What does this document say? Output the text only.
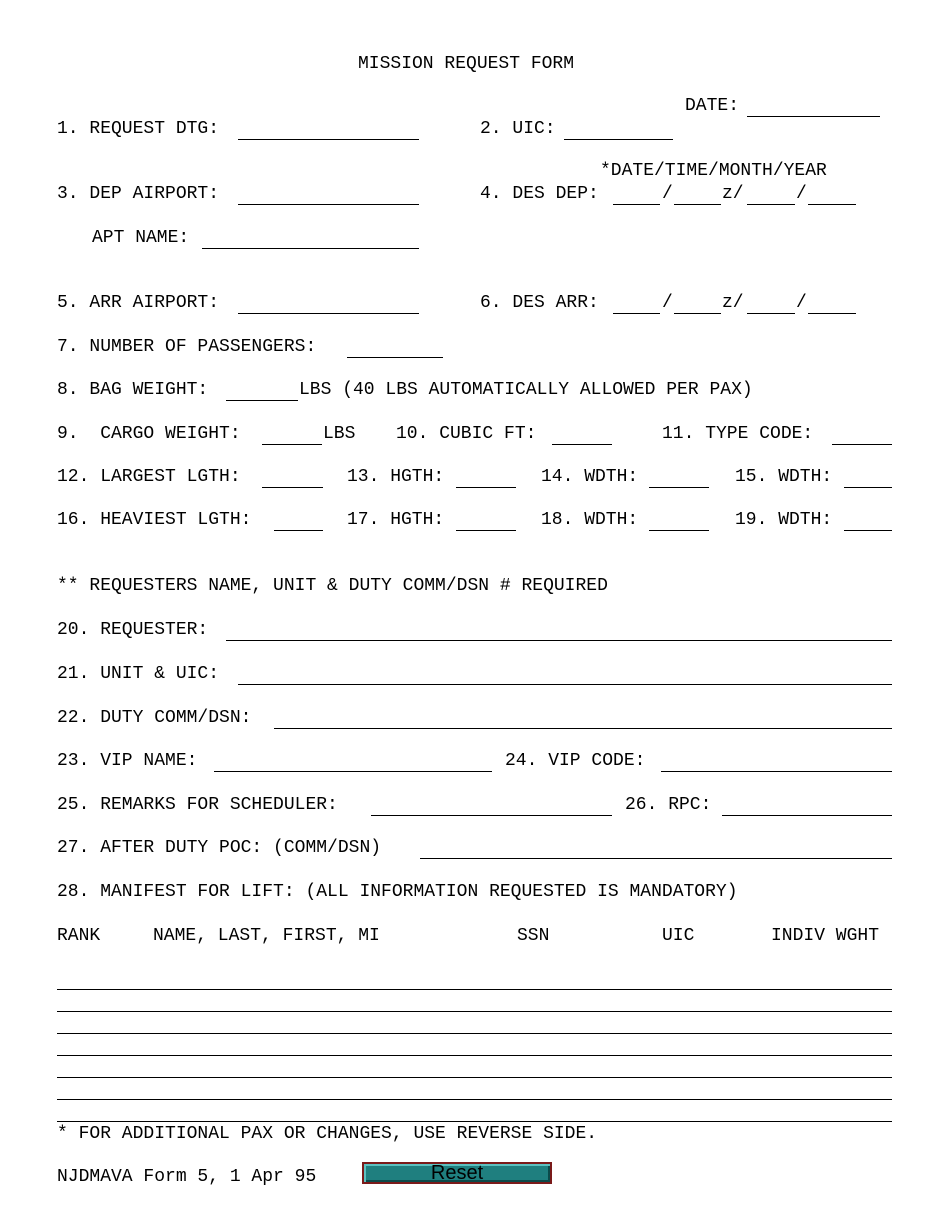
MISSION REQUEST FORM
DATE:
1. REQUEST DTG:	2. UIC:
*DATE/TIME/MONTH/YEAR
3. DEP AIRPORT:	4. DES DEP:	/	z/	/
APT NAME:
5. ARR AIRPORT:	6. DES ARR:	/	z/	/
7. NUMBER OF PASSENGERS:
8. BAG WEIGHT:	LBS (40 LBS AUTOMATICALLY ALLOWED PER PAX)
9.  CARGO WEIGHT:	LBS 10. CUBIC FT:	11. TYPE CODE:
12. LARGEST LGTH:	13. HGTH:	14. WDTH:	15. WDTH:
16. HEAVIEST LGTH:	17. HGTH:	18. WDTH:	19. WDTH:
** REQUESTERS NAME, UNIT & DUTY COMM/DSN # REQUIRED
20. REQUESTER:
21. UNIT & UIC:
22. DUTY COMM/DSN:
23. VIP NAME:	24. VIP CODE:
25. REMARKS FOR SCHEDULER:	26. RPC:
27. AFTER DUTY POC: (COMM/DSN)
28. MANIFEST FOR LIFT: (ALL INFORMATION REQUESTED IS MANDATORY)
RANK	NAME, LAST, FIRST, MI	SSN	UIC	INDIV WGHT
* FOR ADDITIONAL PAX OR CHANGES, USE REVERSE SIDE.
NJDMAVA Form 5, 1 Apr 95	Reset
